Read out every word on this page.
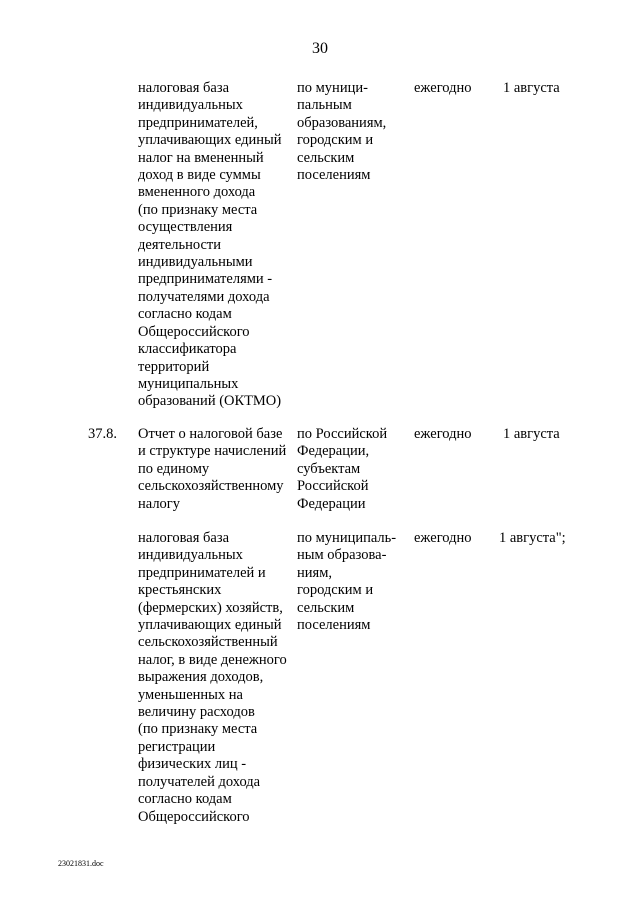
30
налоговая база
индивидуальных
предпринимателей,
уплачивающих единый
налог на вмененный
доход в виде суммы
вмененного дохода
(по признаку места
осуществления
деятельности
индивидуальными
предпринимателями -
получателями дохода
согласно кодам
Общероссийского
классификатора
территорий
муниципальных
образований (ОКТМО)
по муници-
пальным
образованиям,
городским и
сельским
поселениям
ежегодно 1 августа
37.8. Отчет о налоговой базе
и структуре начислений
по единому
сельскохозяйственному
налогу
по Российской
Федерации,
субъектам
Российской
Федерации
ежегодно 1 августа
налоговая база
индивидуальных
предпринимателей и
крестьянских
(фермерских) хозяйств,
уплачивающих единый
сельскохозяйственный
налог, в виде денежного
выражения доходов,
уменьшенных на
величину расходов
(по признаку места
регистрации
физических лиц -
получателей дохода
согласно кодам
Общероссийского
по муниципаль-
ным образова-
ниям,
городским и
сельским
поселениям
ежегодно 1 августа";
23021831.doc
